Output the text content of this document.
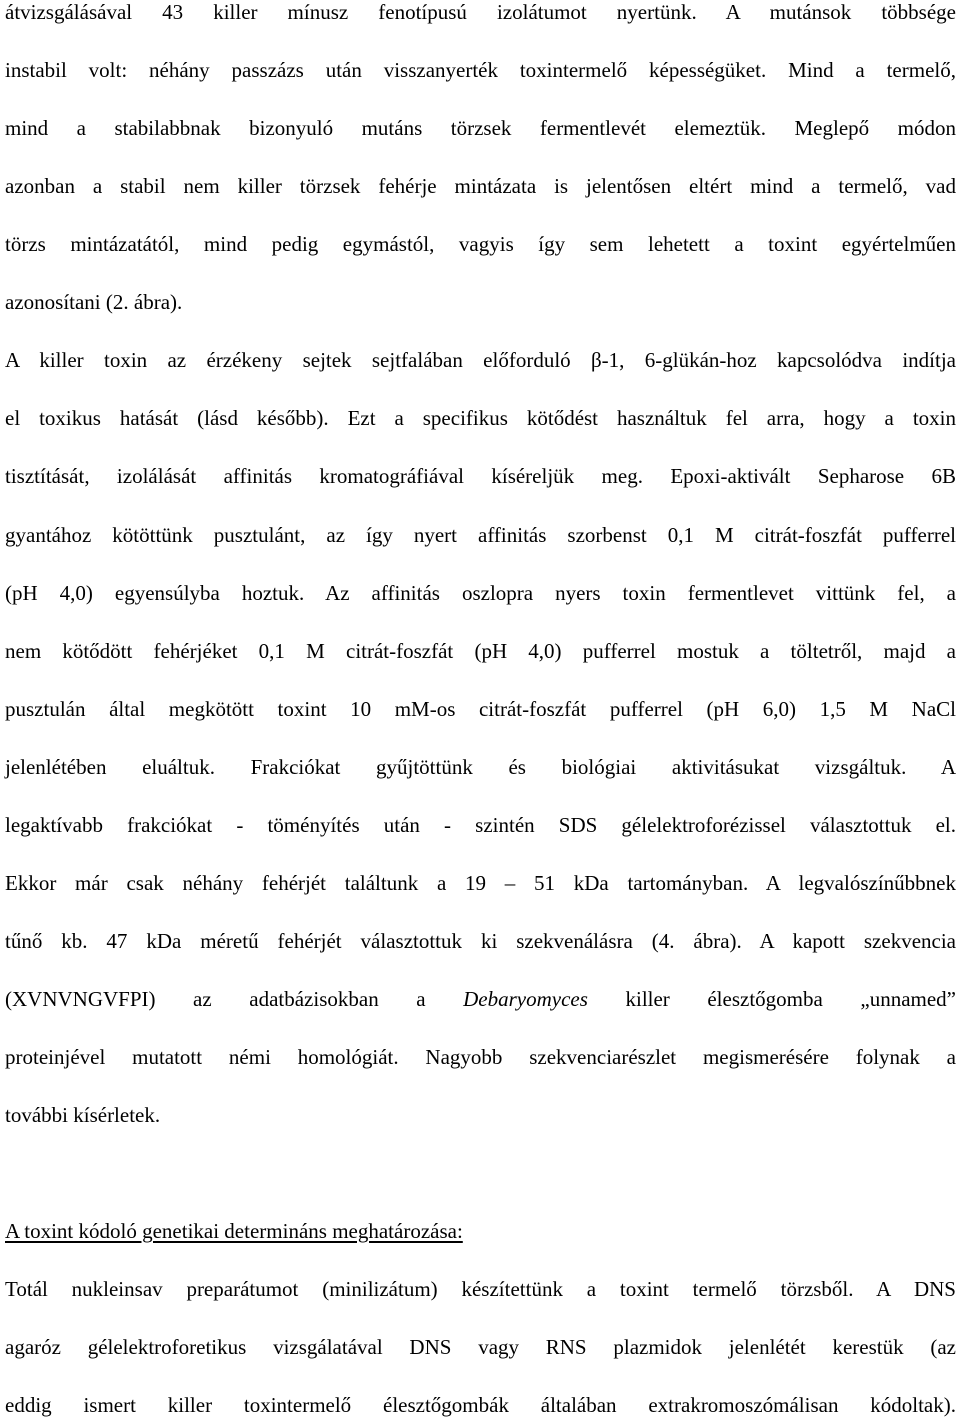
átvizsgálásával 43 killer mínusz fenotípusú izolátumot nyertünk. A mutánsok többsége
instabil volt: néhány passzázs után visszanyerték toxintermelő képességüket. Mind a termelő,
mind a stabilabbnak bizonyuló mutáns törzsek fermentlevét elemeztük. Meglepő módon
azonban a stabil nem killer törzsek fehérje mintázata is jelentősen eltért mind a termelő, vad
törzs mintázatától, mind pedig egymástól, vagyis így sem lehetett a toxint egyértelműen
azonosítani (2. ábra).
A killer toxin az érzékeny sejtek sejtfalában előforduló β-1, 6-glükán-hoz kapcsolódva indítja
el toxikus hatását (lásd később). Ezt a specifikus kötődést használtuk fel arra, hogy a toxin
tisztítását, izolálását affinitás kromatográfiával kíséreljük meg. Epoxi-aktivált Sepharose 6B
gyantához kötöttünk pusztulánt, az így nyert affinitás szorbenst 0,1 M citrát-foszfát pufferrel
(pH 4,0) egyensúlyba hoztuk. Az affinitás oszlopra nyers toxin fermentlevet vittünk fel, a
nem kötődött fehérjéket 0,1 M citrát-foszfát (pH 4,0) pufferrel mostuk a töltetről, majd a
pusztulán által megkötött toxint 10 mM-os citrát-foszfát pufferrel (pH 6,0) 1,5 M NaCl
jelenlétében eluáltuk. Frakciókat gyűjtöttünk és biológiai aktivitásukat vizsgáltuk. A
legaktívabb frakciókat - töményítés után - szintén SDS gélelektroforézissel választottuk el.
Ekkor már csak néhány fehérjét találtunk a 19 – 51 kDa tartományban. A legvalószínűbbnek
tűnő kb. 47 kDa méretű fehérjét választottuk ki szekvenálásra (4. ábra). A kapott szekvencia
(XVNVNGVFPI) az adatbázisokban a Debaryomyces killer élesztőgomba „unnamed”
proteinjével mutatott némi homológiát. Nagyobb szekvenciarészlet megismerésére folynak a
további kísérletek.
A toxint kódoló genetikai determináns meghatározása:
Totál nukleinsav preparátumot (minilizátum) készítettünk a toxint termelő törzsből. A DNS
agaróz gélelektroforetikus vizsgálatával DNS vagy RNS plazmidok jelenlétét kerestük (az
eddig ismert killer toxintermelő élesztőgombák általában extrakromoszómálisan kódoltak).
